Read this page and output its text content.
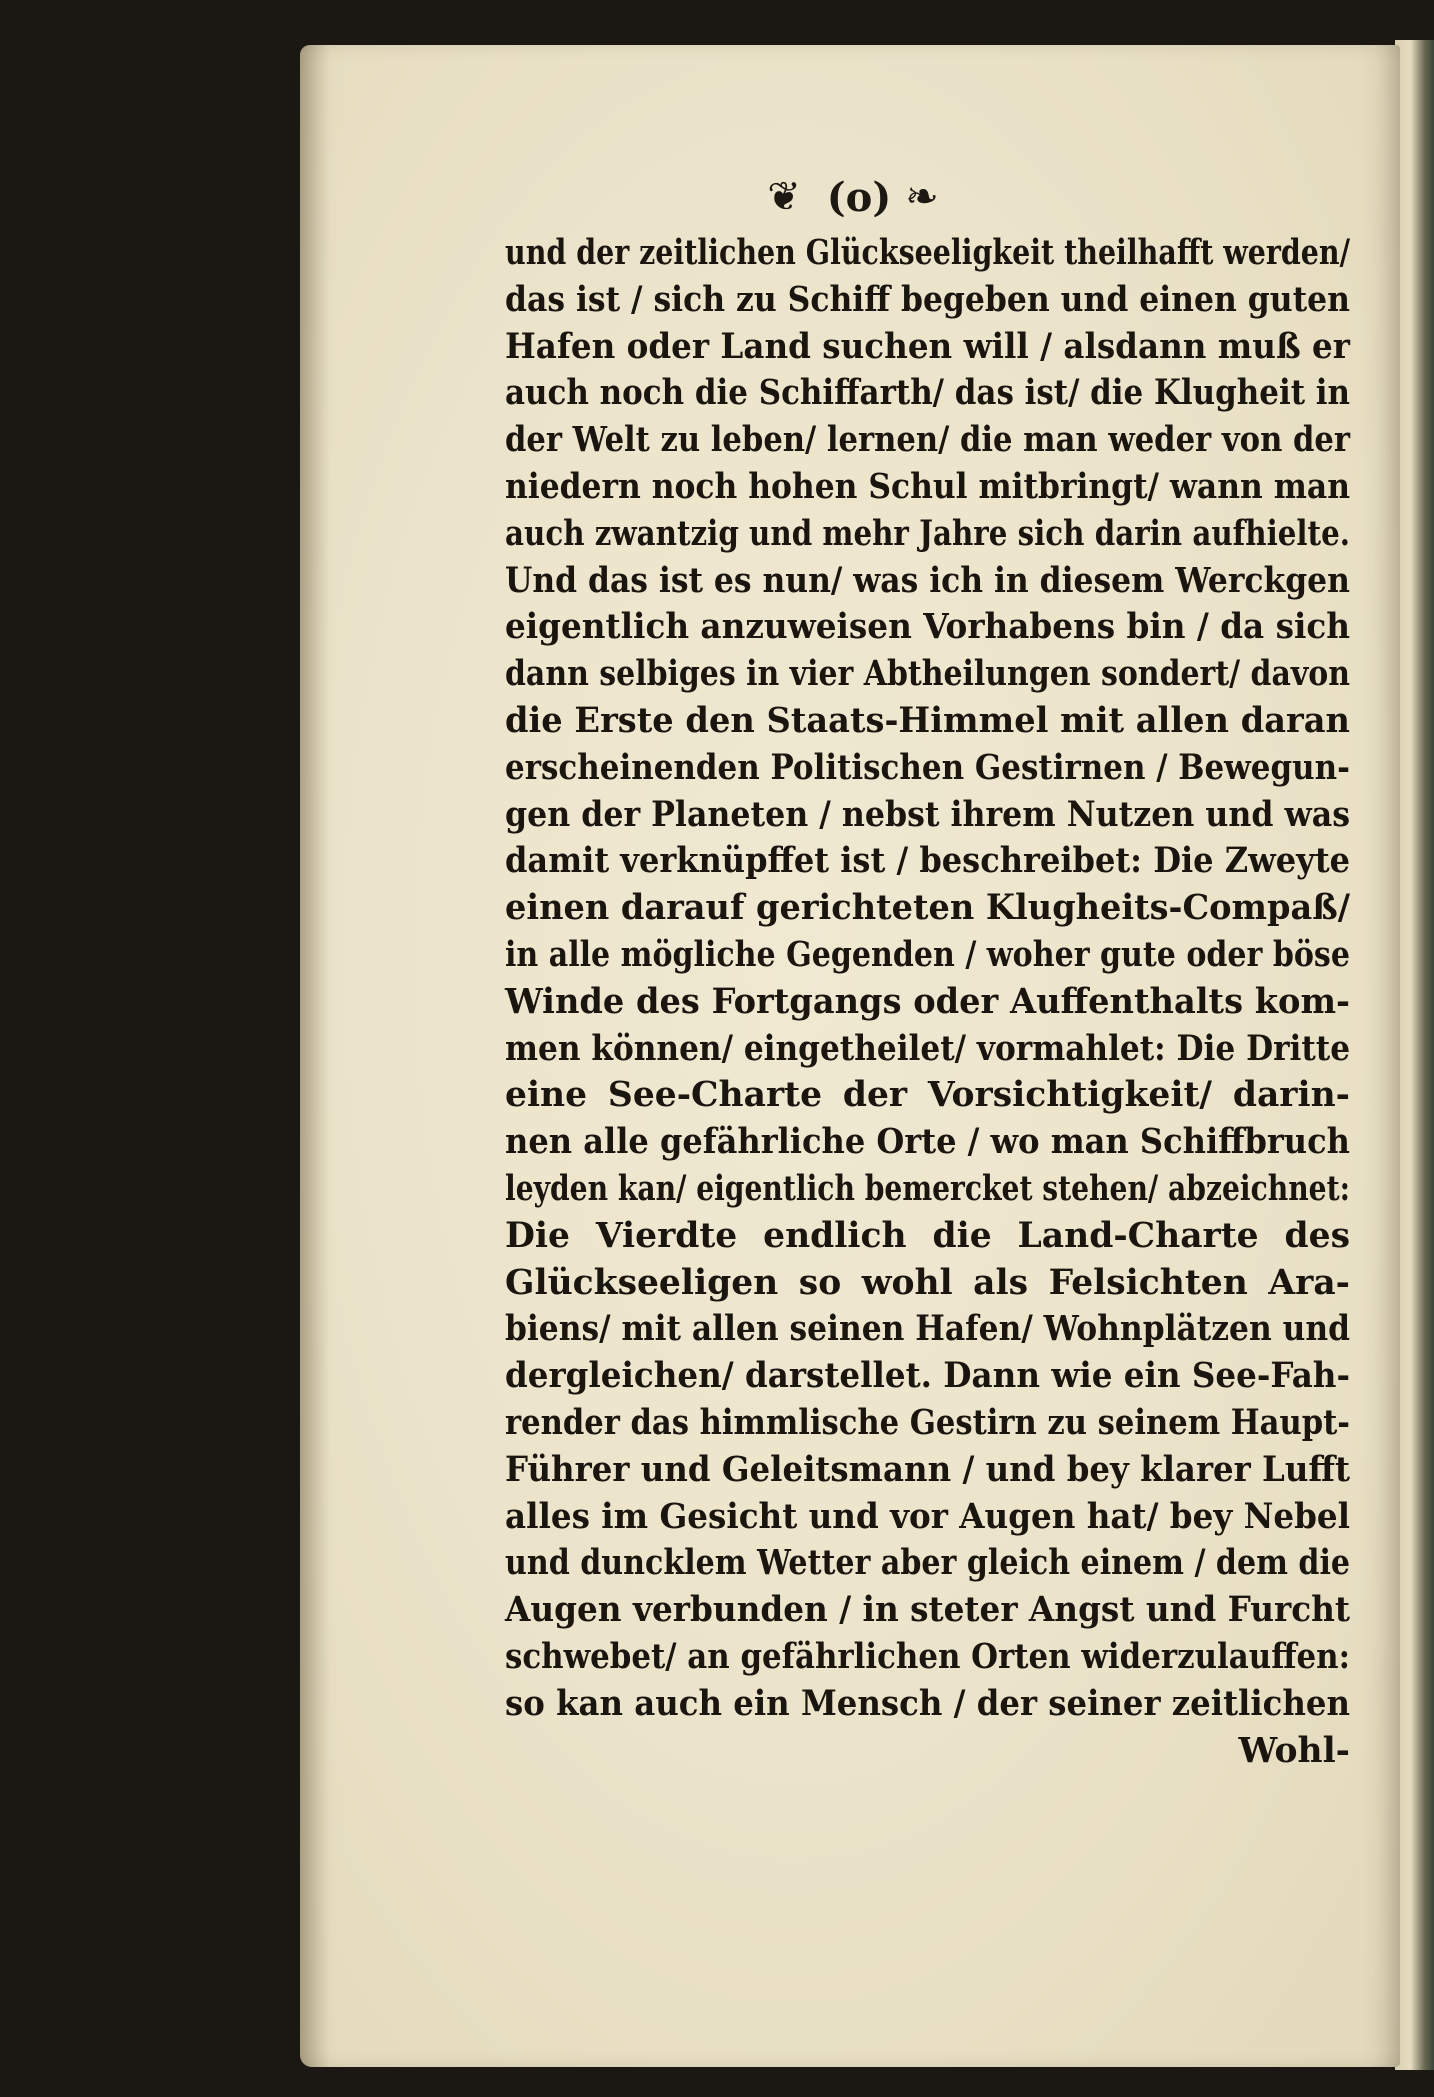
❦ (o) ❧
und der zeitlichen Glückseeligkeit theilhafft werden/
das ist / sich zu Schiff begeben und einen guten
Hafen oder Land suchen will / alsdann muß er
auch noch die Schiffarth/ das ist/ die Klugheit in
der Welt zu leben/ lernen/ die man weder von der
niedern noch hohen Schul mitbringt/ wann man
auch zwantzig und mehr Jahre sich darin aufhielte.
Und das ist es nun/ was ich in diesem Werckgen
eigentlich anzuweisen Vorhabens bin / da sich
dann selbiges in vier Abtheilungen sondert/ davon
die Erste den Staats-Himmel mit allen daran
erscheinenden Politischen Gestirnen / Bewegun-
gen der Planeten / nebst ihrem Nutzen und was
damit verknüpffet ist / beschreibet: Die Zweyte
einen darauf gerichteten Klugheits-Compaß/
in alle mögliche Gegenden / woher gute oder böse
Winde des Fortgangs oder Auffenthalts kom-
men können/ eingetheilet/ vormahlet: Die Dritte
eine See-Charte der Vorsichtigkeit/ darin-
nen alle gefährliche Orte / wo man Schiffbruch
leyden kan/ eigentlich bemercket stehen/ abzeichnet:
Die Vierdte endlich die Land-Charte des
Glückseeligen so wohl als Felsichten Ara-
biens/ mit allen seinen Hafen/ Wohnplätzen und
dergleichen/ darstellet. Dann wie ein See-Fah-
render das himmlische Gestirn zu seinem Haupt-
Führer und Geleitsmann / und bey klarer Lufft
alles im Gesicht und vor Augen hat/ bey Nebel
und duncklem Wetter aber gleich einem / dem die
Augen verbunden / in steter Angst und Furcht
schwebet/ an gefährlichen Orten widerzulauffen:
so kan auch ein Mensch / der seiner zeitlichen
Wohl-
